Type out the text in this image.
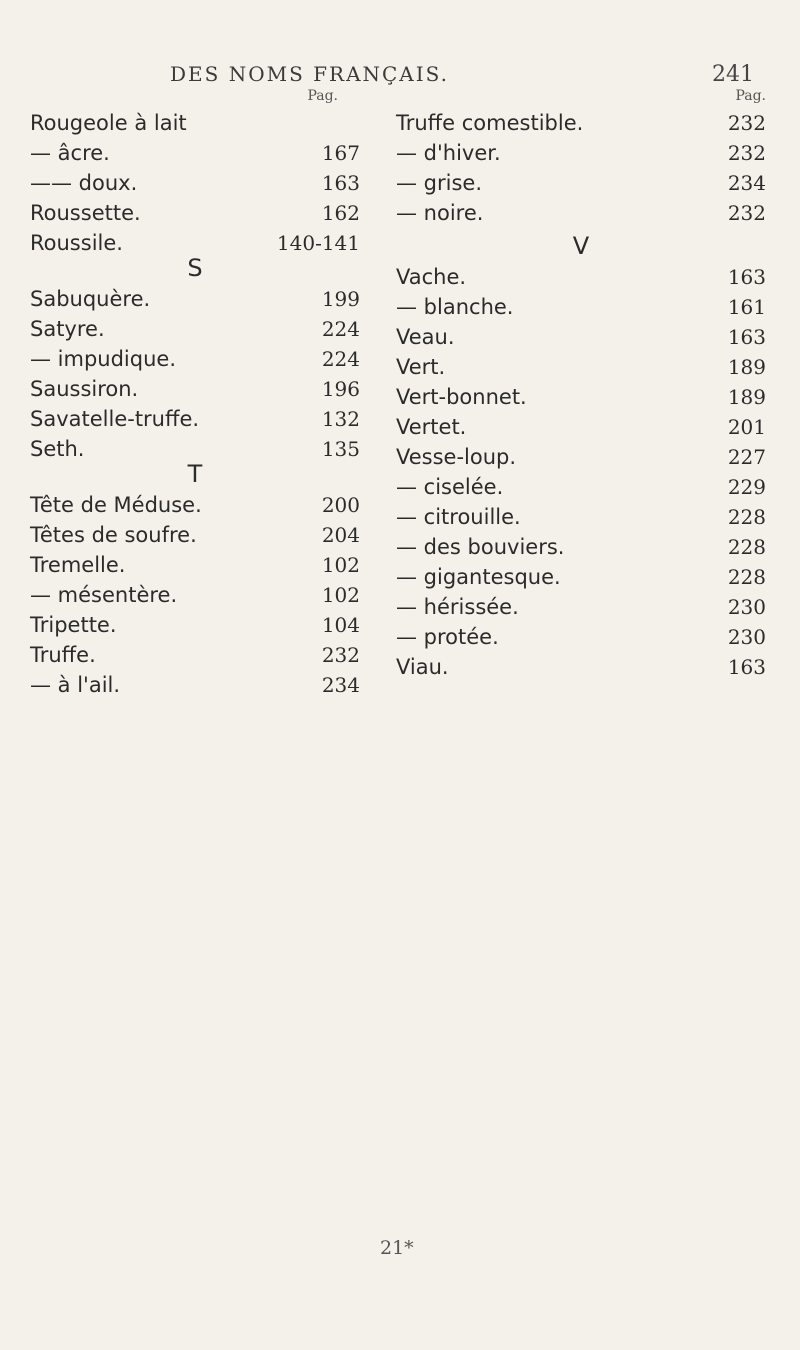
DES NOMS FRANÇAIS.	241
Pag.
Rougeole à lait
— âcre.	167
—— doux.	163
Roussette.	162
Roussile.	140-141
S
Sabuquère.	199
Satyre.	224
— impudique.	224
Saussiron.	196
Savatelle-truffe.	132
Seth.	135
T
Tête de Méduse.	200
Têtes de soufre.	204
Tremelle.	102
— mésentère.	102
Tripette.	104
Truffe.	232
— à l'ail.	234
Pag.
Truffe comestible.	232
— d'hiver.	232
— grise.	234
— noire.	232
V
Vache.	163
— blanche.	161
Veau.	163
Vert.	189
Vert-bonnet.	189
Vertet.	201
Vesse-loup.	227
— ciselée.	229
— citrouille.	228
— des bouviers.	228
— gigantesque.	228
— hérissée.	230
— protée.	230
Viau.	163
21*
